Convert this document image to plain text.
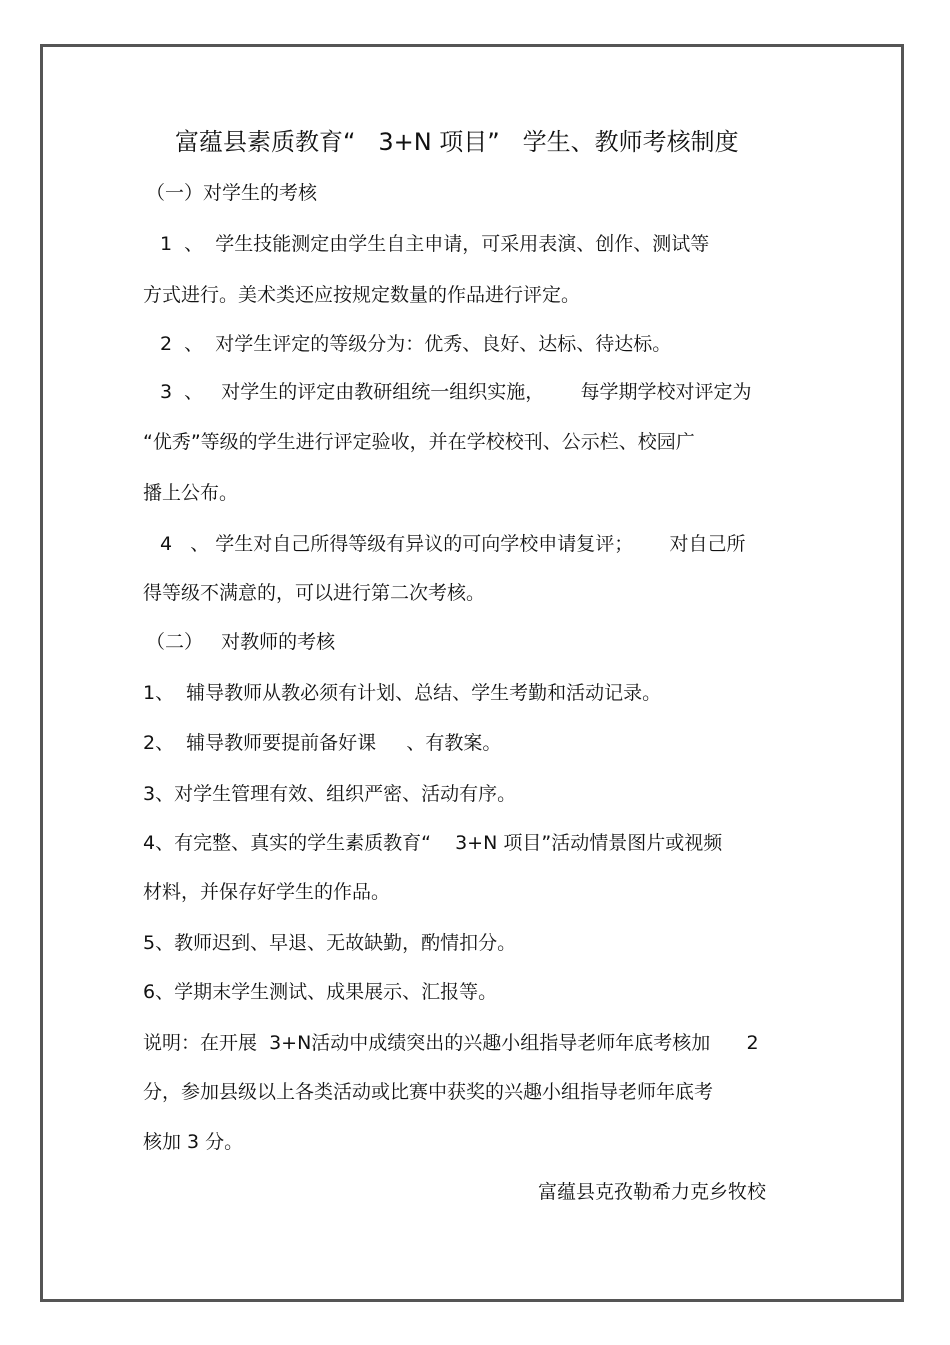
富蕴县素质教育“   3+N 项目”   学生、教师考核制度
（一）对学生的考核
1  、  学生技能测定由学生自主申请，可采用表演、创作、测试等
方式进行。美术类还应按规定数量的作品进行评定。
2  、  对学生评定的等级分为：优秀、良好、达标、待达标。
3  、   对学生的评定由教研组统一组织实施，      每学期学校对评定为
“优秀”等级的学生进行评定验收，并在学校校刊、公示栏、校园广
播上公布。
4   、 学生对自己所得等级有异议的可向学校申请复评；      对自己所
得等级不满意的，可以进行第二次考核。
（二）   对教师的考核
1、  辅导教师从教必须有计划、总结、学生考勤和活动记录。
2、  辅导教师要提前备好课     、有教案。
3、对学生管理有效、组织严密、活动有序。
4、有完整、真实的学生素质教育“    3+N 项目”活动情景图片或视频
材料，并保存好学生的作品。
5、教师迟到、早退、无故缺勤，酌情扣分。
6、学期末学生测试、成果展示、汇报等。
说明：在开展  3+N活动中成绩突出的兴趣小组指导老师年底考核加      2
分，参加县级以上各类活动或比赛中获奖的兴趣小组指导老师年底考
核加 3 分。
富蕴县克孜勒希力克乡牧校
